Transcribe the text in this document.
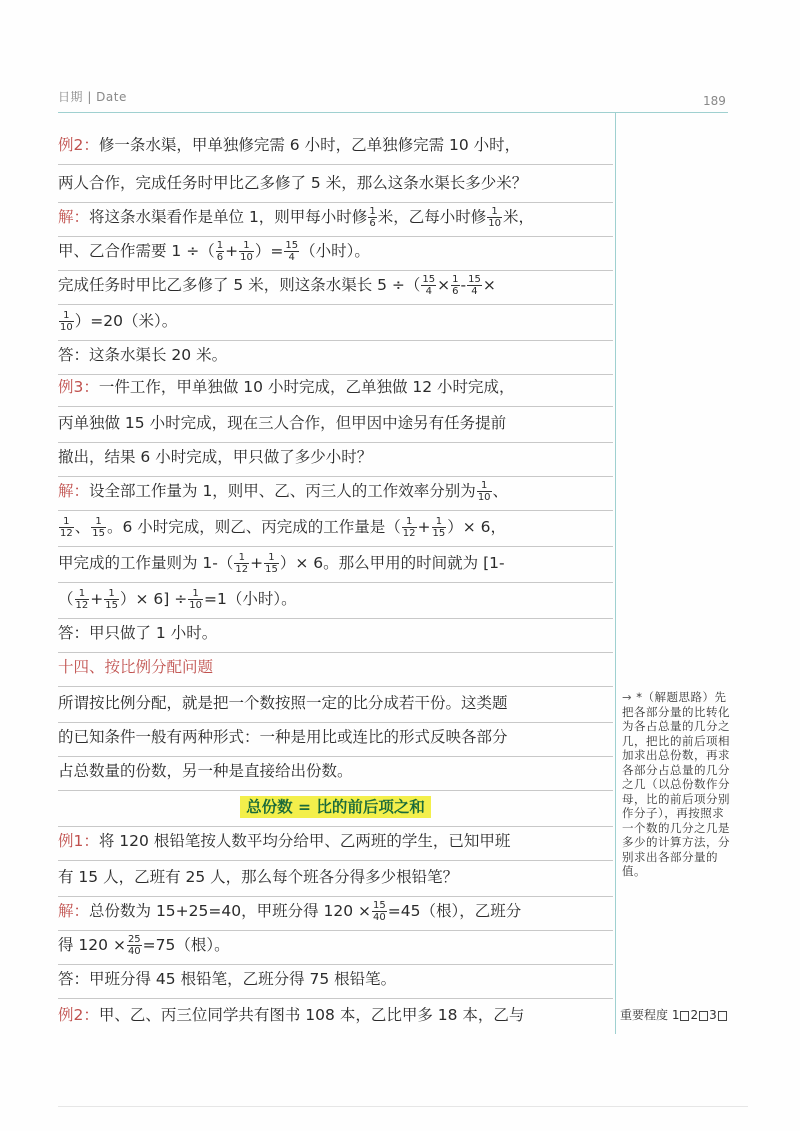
日期 | Date	189
例2：修一条水渠，甲单独修完需 6 小时，乙单独修完需 10 小时，
两人合作，完成任务时甲比乙多修了 5 米，那么这条水渠长多少米？
解：将这条水渠看作是单位 1，则甲每小时修 $\frac{1}{6}$ 米，乙每小时修 $\frac{1}{10}$ 米，
甲、乙合作需要 1 ÷（ $\frac{1}{6} + \frac{1}{10}$ ）= $\frac{15}{4}$ （小时）。
完成任务时甲比乙多修了 5 米，则这条水渠长 5 ÷（ $\frac{15}{4} \times \frac{1}{6} - \frac{15}{4}$ ×
$\frac{1}{10} )=20$（米）。
答：这条水渠长 20 米。
例3：一件工作，甲单独做 10 小时完成，乙单独做 12 小时完成，
丙单独做 15 小时完成，现在三人合作，但甲因中途另有任务提前
撤出，结果 6 小时完成，甲只做了多少小时？
解：设全部工作量为 1，则甲、乙、丙三人的工作效率分别为 $\frac{1}{10}$ 、
$\frac{1}{12}$ 、 $\frac{1}{15}$ 。6 小时完成，则乙、丙完成的工作量是（ $\frac{1}{12} + \frac{1}{15}$ ）× 6，
甲完成的工作量则为 $1-( \frac{1}{12} + \frac{1}{15}$ ）× 6。那么甲用的时间就为 [1-
（ $\frac{1}{12} + \frac{1}{15}$ ）× $6] \div \frac{1}{10} =1$（小时）。
答：甲只做了 1 小时。
十四、按比例分配问题
所谓按比例分配，就是把一个数按照一定的比分成若干份。这类题
的已知条件一般有两种形式：一种是用比或连比的形式反映各部分
占总数量的份数，另一种是直接给出份数。
总份数 = 比的前后项之和
例1：将 120 根铅笔按人数平均分给甲、乙两班的学生，已知甲班
有 15 人，乙班有 25 人，那么每个班各分得多少根铅笔？
解：总份数为 15+25=40，甲班分得 $120 \times \frac{15}{40} =45$（根），乙班分
得 $120 \times \frac{25}{40} =75$（根）。
答：甲班分得 45 根铅笔，乙班分得 75 根铅笔。
例2：甲、乙、丙三位同学共有图书 108 本，乙比甲多 18 本，乙与
→ *（解题思路）先把各部分量的比转化为各占总量的几分之几，把比的前后项相加求出总份数，再求各部分占总量的几分之几（以总份数作分母，比的前后项分别作分子），再按照求一个数的几分之几是多少的计算方法，分别求出各部分量的值。
重要程度 1 2 3
